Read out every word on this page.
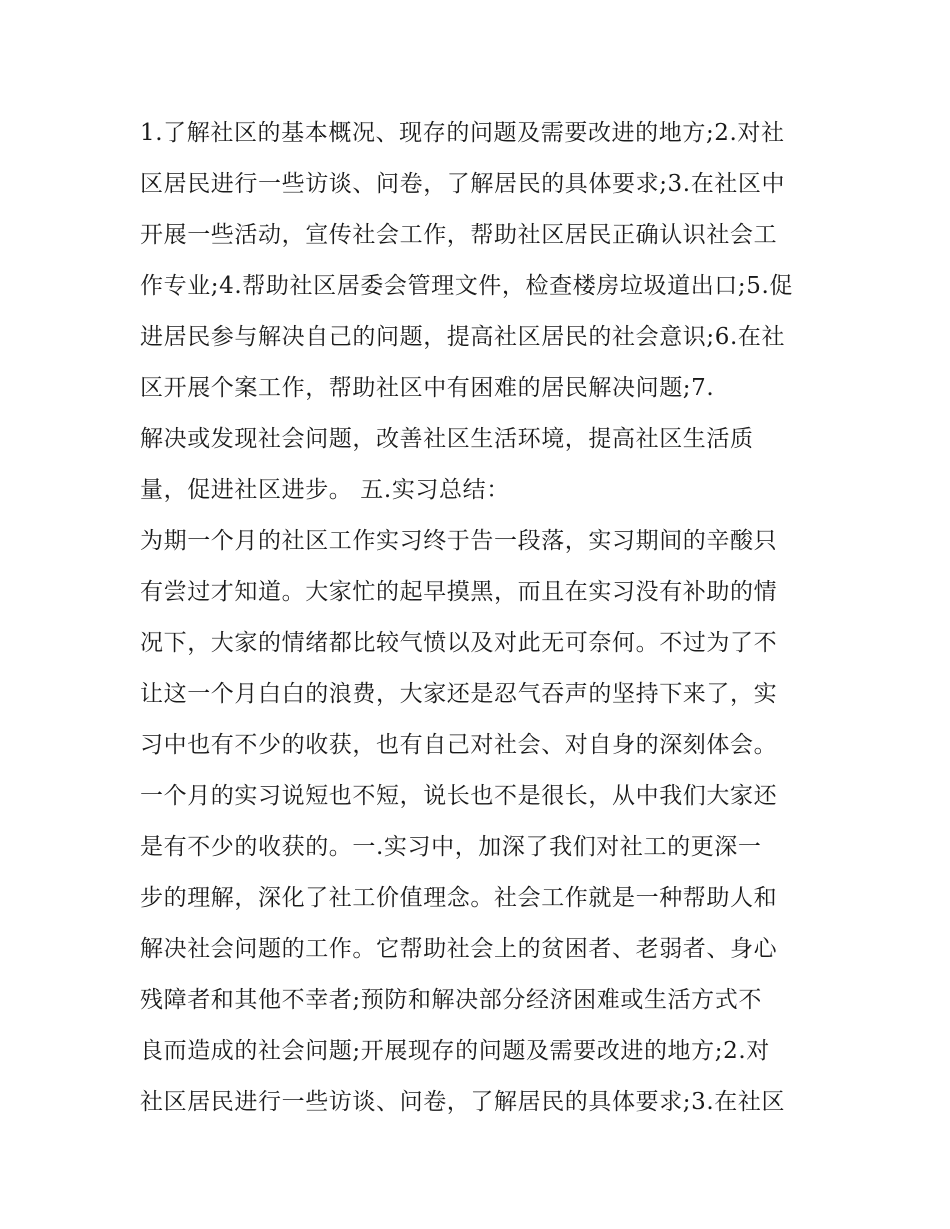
1.了解社区的基本概况、现存的问题及需要改进的地方;2.对社
区居民进行一些访谈、问卷，了解居民的具体要求;3.在社区中
开展一些活动，宣传社会工作，帮助社区居民正确认识社会工
作专业;4.帮助社区居委会管理文件，检查楼房垃圾道出口;5.促
进居民参与解决自己的问题，提高社区居民的社会意识;6.在社
区开展个案工作，帮助社区中有困难的居民解决问题;7.
解决或发现社会问题，改善社区生活环境，提高社区生活质
量，促进社区进步。 五.实习总结：
为期一个月的社区工作实习终于告一段落，实习期间的辛酸只
有尝过才知道。大家忙的起早摸黑，而且在实习没有补助的情
况下，大家的情绪都比较气愤以及对此无可奈何。不过为了不
让这一个月白白的浪费，大家还是忍气吞声的坚持下来了，实
习中也有不少的收获，也有自己对社会、对自身的深刻体会。
一个月的实习说短也不短，说长也不是很长，从中我们大家还
是有不少的收获的。一.实习中，加深了我们对社工的更深一
步的理解，深化了社工价值理念。社会工作就是一种帮助人和
解决社会问题的工作。它帮助社会上的贫困者、老弱者、身心
残障者和其他不幸者;预防和解决部分经济困难或生活方式不
良而造成的社会问题;开展现存的问题及需要改进的地方;2.对
社区居民进行一些访谈、问卷，了解居民的具体要求;3.在社区
